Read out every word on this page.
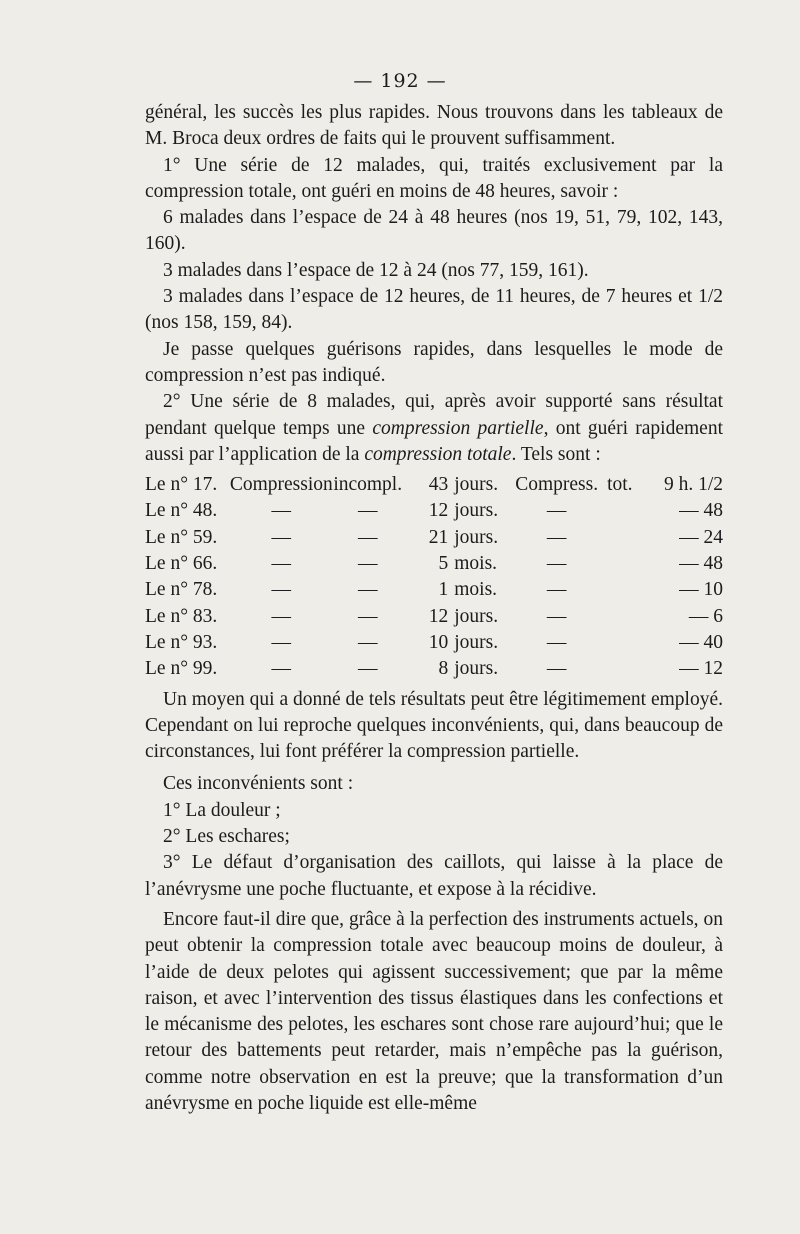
— 192 —

général, les succès les plus rapides. Nous trouvons dans les tableaux de M. Broca deux ordres de faits qui le prouvent suffisamment.

1° Une série de 12 malades, qui, traités exclusivement par la compression totale, ont guéri en moins de 48 heures, savoir :

6 malades dans l’espace de 24 à 48 heures (nos 19, 51, 79, 102, 143, 160).

3 malades dans l’espace de 12 à 24 (nos 77, 159, 161).

3 malades dans l’espace de 12 heures, de 11 heures, de 7 heures et 1/2 (nos 158, 159, 84).

Je passe quelques guérisons rapides, dans lesquelles le mode de compression n’est pas indiqué.

2° Une série de 8 malades, qui, après avoir supporté sans résultat pendant quelque temps une compression partielle, ont guéri rapidement aussi par l’application de la compression totale. Tels sont :

Le n° 17.	Compression	incompl.	43	jours.	Compress.	tot.	9 h. 1/2
Le n° 48.	—	—	12	jours.	—		— 48
Le n° 59.	—	—	21	jours.	—		— 24
Le n° 66.	—	—	5	mois.	—		— 48
Le n° 78.	—	—	1	mois.	—		— 10
Le n° 83.	—	—	12	jours.	—		— 6
Le n° 93.	—	—	10	jours.	—		— 40
Le n° 99.	—	—	8	jours.	—		— 12

Un moyen qui a donné de tels résultats peut être légitimement employé. Cependant on lui reproche quelques inconvénients, qui, dans beaucoup de circonstances, lui font préférer la compression partielle.

Ces inconvénients sont :

1° La douleur ;

2° Les eschares;

3° Le défaut d’organisation des caillots, qui laisse à la place de l’anévrysme une poche fluctuante, et expose à la récidive.

Encore faut-il dire que, grâce à la perfection des instruments actuels, on peut obtenir la compression totale avec beaucoup moins de douleur, à l’aide de deux pelotes qui agissent successivement; que par la même raison, et avec l’intervention des tissus élastiques dans les confections et le mécanisme des pelotes, les eschares sont chose rare aujourd’hui; que le retour des battements peut retarder, mais n’empêche pas la guérison, comme notre observation en est la preuve; que la transformation d’un anévrysme en poche liquide est elle-même
